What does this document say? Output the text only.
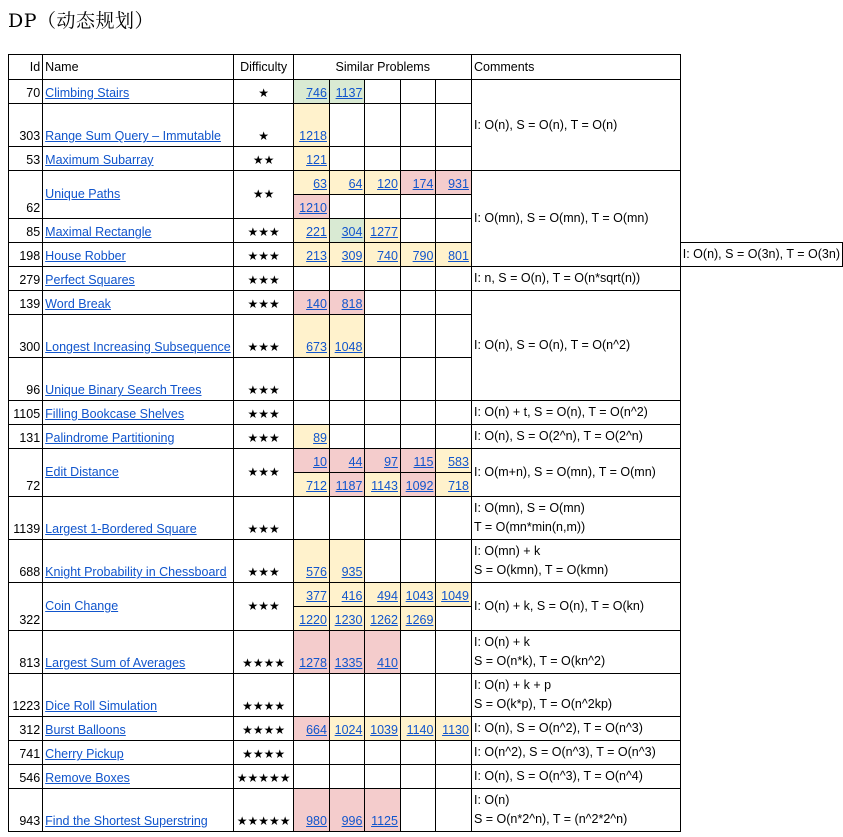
DP（动态规划）
Id	Name	Difficulty	Similar Problems					Comments	
70	Climbing Stairs	★	746	1137				I: O(n), S = O(n), T = O(n)	

303	Range Sum Query – Immutable	★	1218						
53	Maximum Subarray	★★	121						
62	Unique Paths	★★	63	64	120	174	931	I: O(mn), S = O(mn), T = O(mn)	

			1210						
85	Maximal Rectangle	★★★	221	304	1277				
198	House Robber	★★★	213	309	740	790	801		I: O(n), S = O(3n), T = O(3n)

279	Perfect Squares	★★★						I: n, S = O(n), T = O(n*sqrt(n))	

139	Word Break	★★★	140	818				I: O(n), S = O(n), T = O(n^2)	

300	Longest Increasing Subsequence	★★★	673	1048					
96	Unique Binary Search Trees	★★★							
1105	Filling Bookcase Shelves	★★★						I: O(n) + t, S = O(n), T = O(n^2)	

131	Palindrome Partitioning	★★★	89					I: O(n), S = O(2^n), T = O(2^n)	

72	Edit Distance	★★★	10	44	97	115	583	I: O(m+n), S = O(mn), T = O(mn)	

			712	1187	1143	1092	718		
1139	Largest 1-Bordered Square	★★★						I: O(mn), S = O(mn)
T = O(mn*min(n,m))	

688	Knight Probability in Chessboard	★★★	576	935				I: O(mn) + k
S = O(kmn), T = O(kmn)	

322	Coin Change	★★★	377	416	494	1043	1049	I: O(n) + k, S = O(n), T = O(kn)	

			1220	1230	1262	1269			
813	Largest Sum of Averages	★★★★	1278	1335	410			I: O(n) + k
S = O(n*k), T = O(kn^2)	

1223	Dice Roll Simulation	★★★★						I: O(n) + k + p
S = O(k*p), T = O(n^2kp)	

312	Burst Balloons	★★★★	664	1024	1039	1140	1130	I: O(n), S = O(n^2), T = O(n^3)	

741	Cherry Pickup	★★★★						I: O(n^2), S = O(n^3), T = O(n^3)	

546	Remove Boxes	★★★★★						I: O(n), S = O(n^3), T = O(n^4)	

943	Find the Shortest Superstring	★★★★★	980	996	1125			I: O(n)
S = O(n*2^n), T = (n^2*2^n)	
